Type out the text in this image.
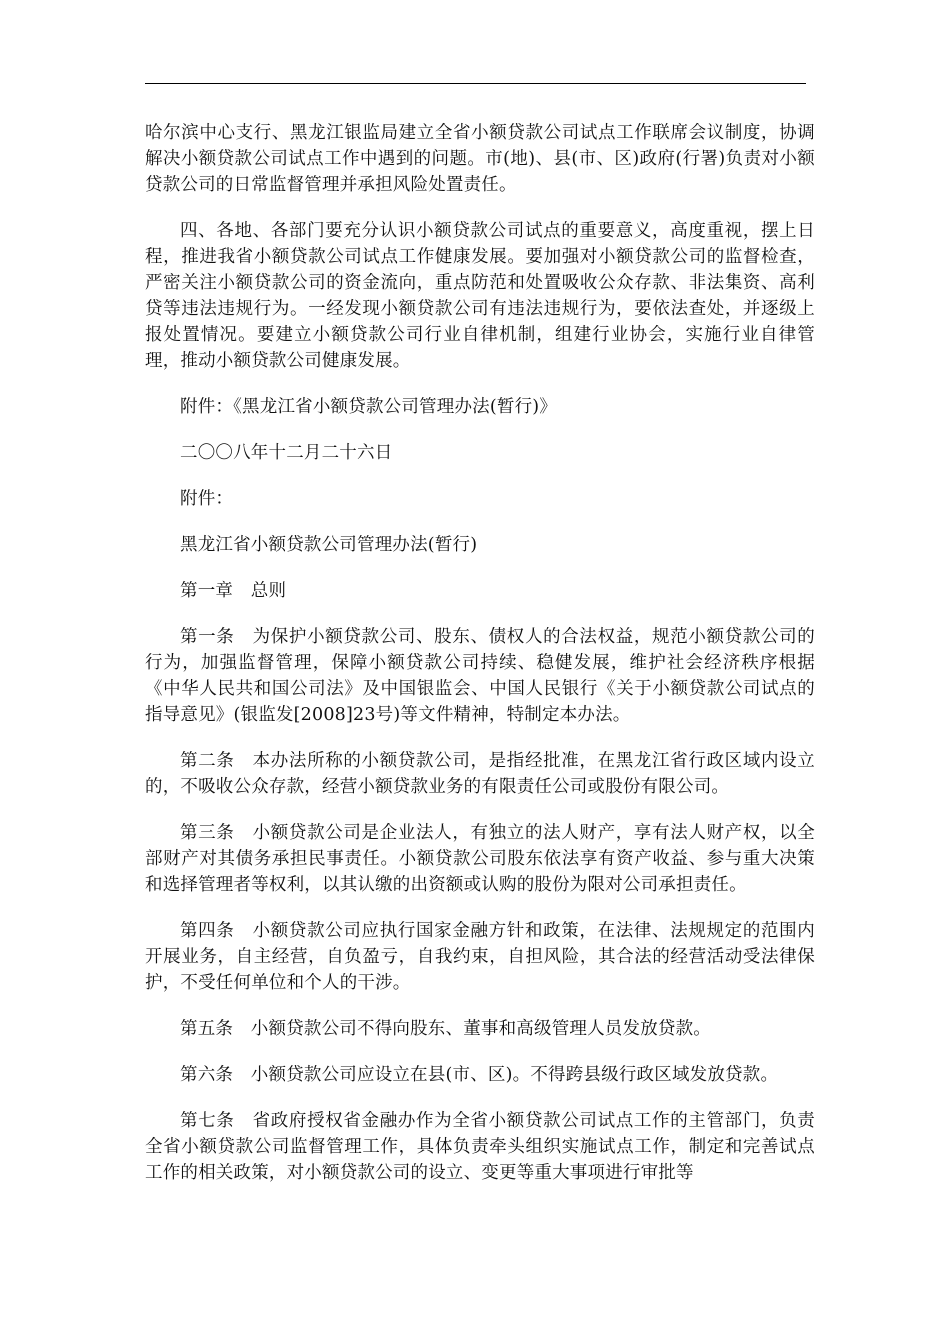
哈尔滨中心支行、黑龙江银监局建立全省小额贷款公司试点工作联席会议制度，协调解决小额贷款公司试点工作中遇到的问题。市(地)、县(市、区)政府(行署)负责对小额贷款公司的日常监督管理并承担风险处置责任。

四、各地、各部门要充分认识小额贷款公司试点的重要意义，高度重视，摆上日程，推进我省小额贷款公司试点工作健康发展。要加强对小额贷款公司的监督检查，严密关注小额贷款公司的资金流向，重点防范和处置吸收公众存款、非法集资、高利贷等违法违规行为。一经发现小额贷款公司有违法违规行为，要依法查处，并逐级上报处置情况。要建立小额贷款公司行业自律机制，组建行业协会，实施行业自律管理，推动小额贷款公司健康发展。

附件：《黑龙江省小额贷款公司管理办法(暂行)》

二〇〇八年十二月二十六日

附件：

黑龙江省小额贷款公司管理办法(暂行)

第一章　总则

第一条　为保护小额贷款公司、股东、债权人的合法权益，规范小额贷款公司的行为，加强监督管理，保障小额贷款公司持续、稳健发展，维护社会经济秩序根据《中华人民共和国公司法》及中国银监会、中国人民银行《关于小额贷款公司试点的指导意见》(银监发[2008]23号)等文件精神，特制定本办法。

第二条　本办法所称的小额贷款公司，是指经批准，在黑龙江省行政区域内设立的，不吸收公众存款，经营小额贷款业务的有限责任公司或股份有限公司。

第三条　小额贷款公司是企业法人，有独立的法人财产，享有法人财产权，以全部财产对其债务承担民事责任。小额贷款公司股东依法享有资产收益、参与重大决策和选择管理者等权利，以其认缴的出资额或认购的股份为限对公司承担责任。

第四条　小额贷款公司应执行国家金融方针和政策，在法律、法规规定的范围内开展业务，自主经营，自负盈亏，自我约束，自担风险，其合法的经营活动受法律保护，不受任何单位和个人的干涉。

第五条　小额贷款公司不得向股东、董事和高级管理人员发放贷款。

第六条　小额贷款公司应设立在县(市、区)。不得跨县级行政区域发放贷款。

第七条　省政府授权省金融办作为全省小额贷款公司试点工作的主管部门，负责全省小额贷款公司监督管理工作，具体负责牵头组织实施试点工作，制定和完善试点工作的相关政策，对小额贷款公司的设立、变更等重大事项进行审批等
